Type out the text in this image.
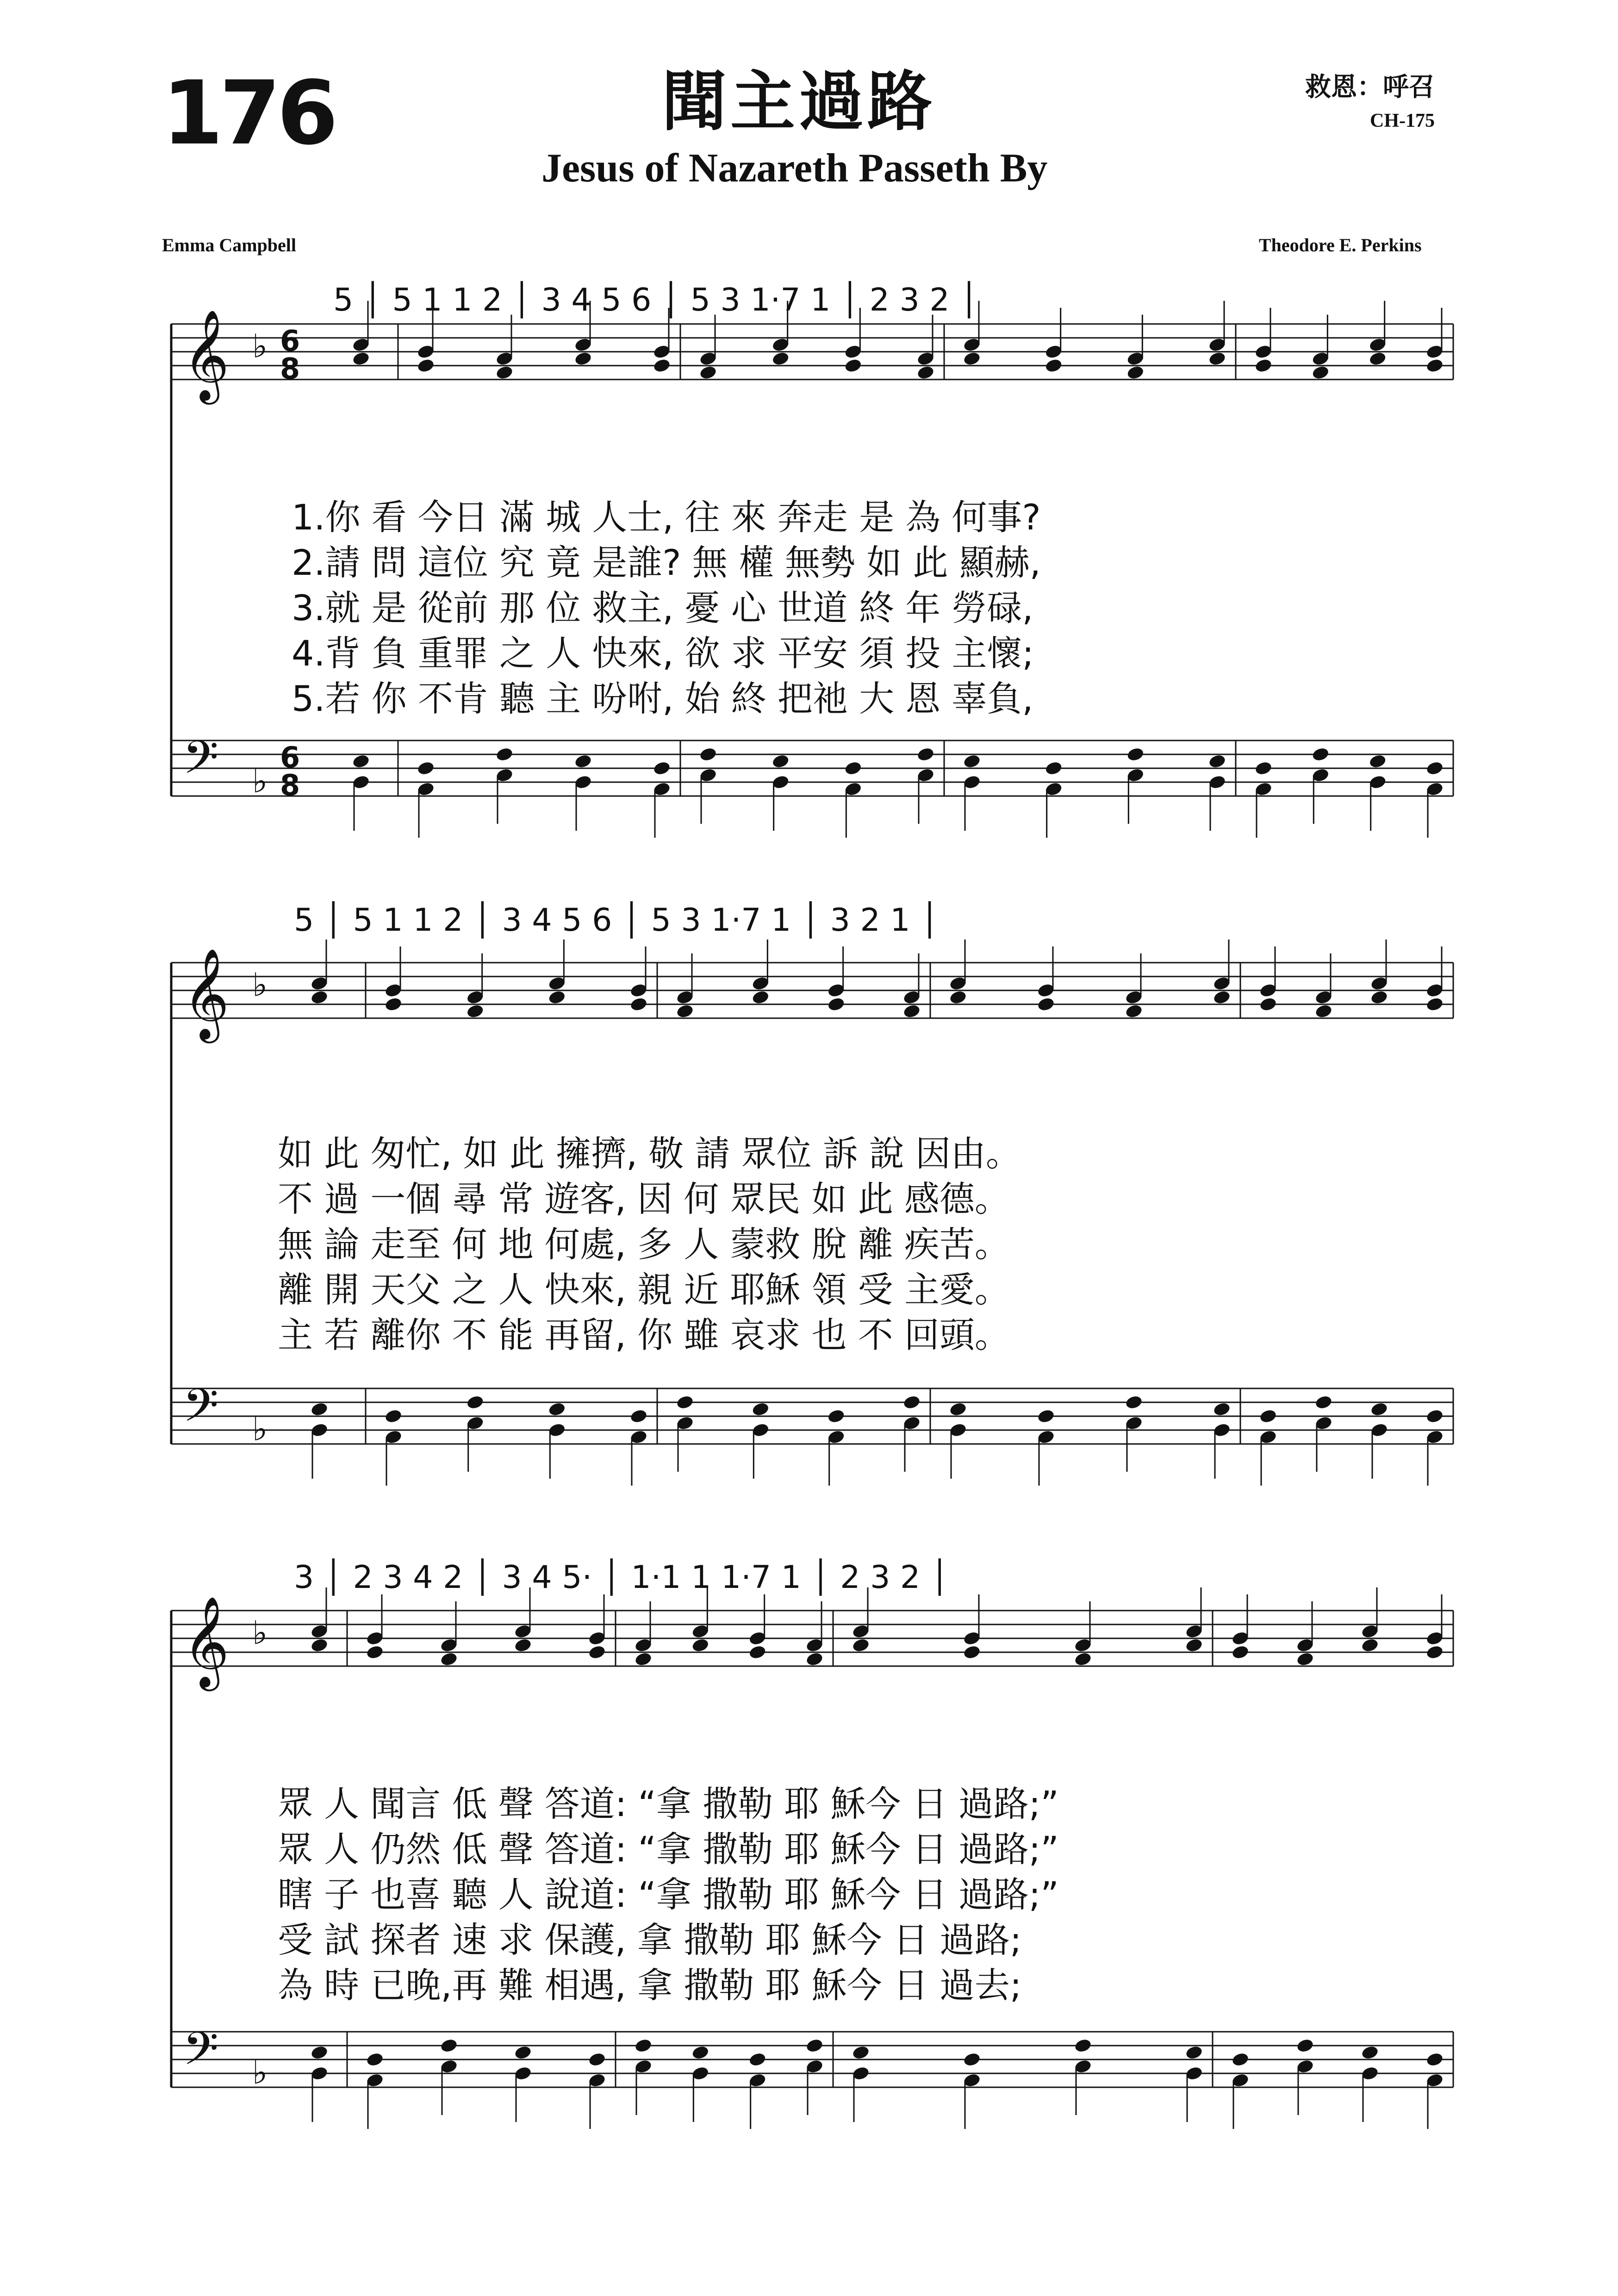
176	聞主過路
Jesus of Nazareth Passeth By
救恩：呼召
CH-175
Emma Campbell	Theodore E. Perkins
5 │ 5 1 1 2 │ 3 4 5 6 │ 5 3 1·7 1 │ 2 3 2 │
1.你 看 今日 滿 城 人士, 往 來 奔走 是 為 何事?
2.請 問 這位 究 竟 是誰? 無 權 無勢 如 此 顯赫,
3.就 是 從前 那 位 救主, 憂 心 世道 終 年 勞碌,
4.背 負 重罪 之 人 快來, 欲 求 平安 須 投 主懷;
5.若 你 不肯 聽 主 吩咐, 始 終 把祂 大 恩 辜負,
5 │ 5 1 1 2 │ 3 4 5 6 │ 5 3 1·7 1 │ 3 2 1 │
如 此 匆忙, 如 此 擁擠, 敬 請 眾位 訴 說 因由。
不 過 一個 尋 常 遊客, 因 何 眾民 如 此 感德。
無 論 走至 何 地 何處, 多 人 蒙救 脫 離 疾苦。
離 開 天父 之 人 快來, 親 近 耶穌 領 受 主愛。
主 若 離你 不 能 再留, 你 雖 哀求 也 不 回頭。
3 │ 2 3 4 2 │ 3 4 5· │ 1·1 1 1·7 1 │ 2 3 2 │
眾 人 聞言 低 聲 答道: “拿 撒勒 耶 穌今 日 過路;”
眾 人 仍然 低 聲 答道: “拿 撒勒 耶 穌今 日 過路;”
瞎 子 也喜 聽 人 說道: “拿 撒勒 耶 穌今 日 過路;”
受 試 探者 速 求 保護, 拿 撒勒 耶 穌今 日 過路;
為 時 已晚,再 難 相遇, 拿 撒勒 耶 穌今 日 過去;
𝄞
𝄢
♭
♭
6
8
6
8
𝄞
𝄢
♭
♭
𝄞
𝄢
♭
♭
